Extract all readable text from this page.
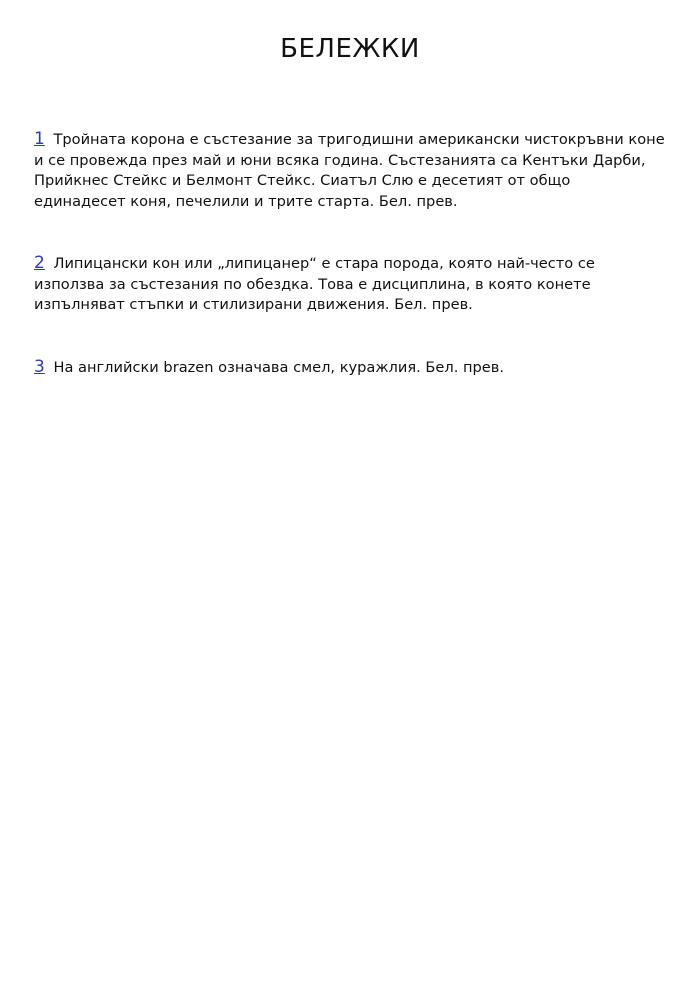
БЕЛЕЖКИ

1 Тройната корона е състезание за тригодишни американски чистокръвни коне и се провежда през май и юни всяка година. Състезанията са Кентъки Дарби, Прийкнес Стейкс и Белмонт Стейкс. Сиатъл Слю е десетият от общо единадесет коня, печелили и трите старта. Бел. прев.

2 Липицански кон или „липицанер“ е стара порода, която най-често се използва за състезания по обездка. Това е дисциплина, в която конете изпълняват стъпки и стилизирани движения. Бел. прев.

3 На английски brazen означава смел, куражлия. Бел. прев.
